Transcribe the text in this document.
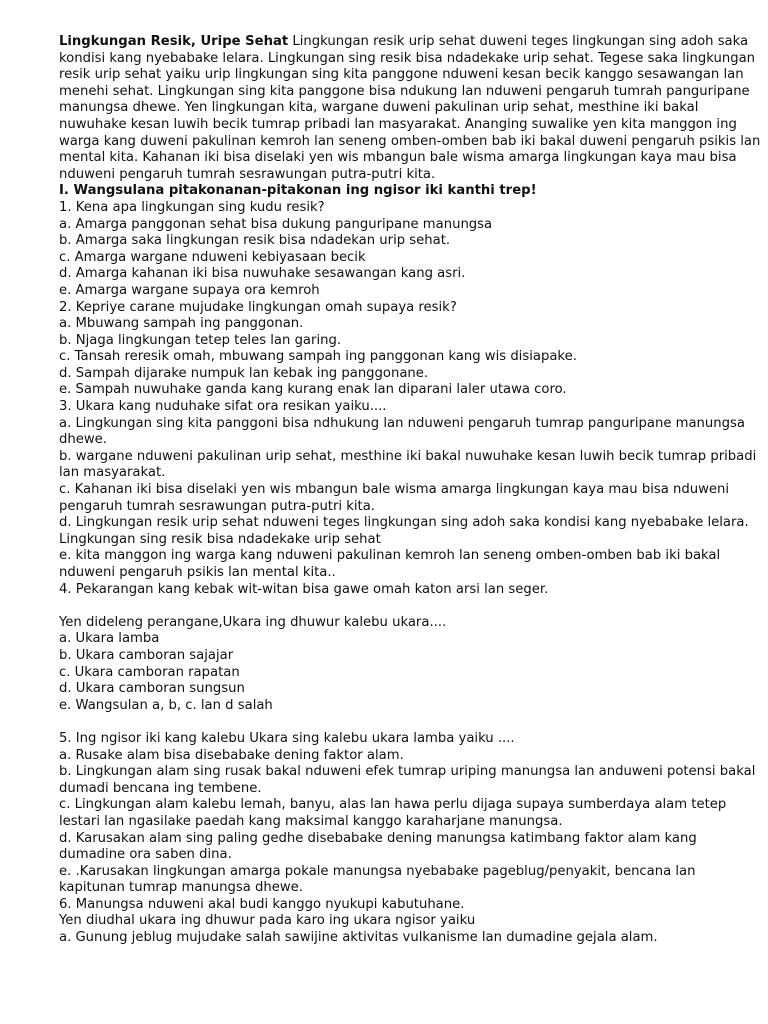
Lingkungan Resik, Uripe Sehat Lingkungan resik urip sehat duweni teges lingkungan sing adoh saka kondisi kang nyebabake lelara. Lingkungan sing resik bisa ndadekake urip sehat. Tegese saka lingkungan resik urip sehat yaiku urip lingkungan sing kita panggone nduweni kesan becik kanggo sesawangan lan menehi sehat. Lingkungan sing kita panggone bisa ndukung lan nduweni pengaruh tumrah panguripane manungsa dhewe. Yen lingkungan kita, wargane duweni pakulinan urip sehat, mesthine iki bakal nuwuhake kesan luwih becik tumrap pribadi lan masyarakat. Ananging suwalike yen kita manggon ing warga kang duweni pakulinan kemroh lan seneng omben-omben bab iki bakal duweni pengaruh psikis lan mental kita. Kahanan iki bisa diselaki yen wis mbangun bale wisma amarga lingkungan kaya mau bisa nduweni pengaruh tumrah sesrawungan putra-putri kita.

I. Wangsulana pitakonanan-pitakonan ing ngisor iki kanthi trep!

1. Kena apa lingkungan sing kudu resik?

a. Amarga panggonan sehat bisa dukung panguripane manungsa

b. Amarga saka lingkungan resik bisa ndadekan urip sehat.

c. Amarga wargane nduweni kebiyasaan becik

d. Amarga kahanan iki bisa nuwuhake sesawangan kang asri.

e. Amarga wargane supaya ora kemroh

2. Kepriye carane mujudake lingkungan omah supaya resik?

a. Mbuwang sampah ing panggonan.

b. Njaga lingkungan tetep teles lan garing.

c. Tansah reresik omah, mbuwang sampah ing panggonan kang wis disiapake.

d. Sampah dijarake numpuk lan kebak ing panggonane.

e. Sampah nuwuhake ganda kang kurang enak lan diparani laler utawa coro.

3. Ukara kang nuduhake sifat ora resikan yaiku....

a. Lingkungan sing kita panggoni bisa ndhukung lan nduweni pengaruh tumrap panguripane manungsa dhewe.

b. wargane nduweni pakulinan urip sehat, mesthine iki bakal nuwuhake kesan luwih becik tumrap pribadi lan masyarakat.

c. Kahanan iki bisa diselaki yen wis mbangun bale wisma amarga lingkungan kaya mau bisa nduweni pengaruh tumrah sesrawungan putra-putri kita.

d. Lingkungan resik urip sehat nduweni teges lingkungan sing adoh saka kondisi kang nyebabake lelara. Lingkungan sing resik bisa ndadekake urip sehat

e. kita manggon ing warga kang nduweni pakulinan kemroh lan seneng omben-omben bab iki bakal nduweni pengaruh psikis lan mental kita..

4. Pekarangan kang kebak wit-witan bisa gawe omah katon arsi lan seger.

Yen dideleng perangane,Ukara ing dhuwur kalebu ukara....

a. Ukara lamba

b. Ukara camboran sajajar

c. Ukara camboran rapatan

d. Ukara camboran sungsun

e. Wangsulan a, b, c. lan d salah

5. Ing ngisor iki kang kalebu Ukara sing kalebu ukara lamba yaiku ....

a. Rusake alam bisa disebabake dening faktor alam.

b. Lingkungan alam sing rusak bakal nduweni efek tumrap uriping manungsa lan anduweni potensi bakal dumadi bencana ing tembene.

c. Lingkungan alam kalebu lemah, banyu, alas lan hawa perlu dijaga supaya sumberdaya alam tetep lestari lan ngasilake paedah kang maksimal kanggo karaharjane manungsa.

d. Karusakan alam sing paling gedhe disebabake dening manungsa katimbang faktor alam kang dumadine ora saben dina.

e. .Karusakan lingkungan amarga pokale manungsa nyebabake pageblug/penyakit, bencana lan kapitunan tumrap manungsa dhewe.

6. Manungsa nduweni akal budi kanggo nyukupi kabutuhane.

Yen diudhal ukara ing dhuwur pada karo ing ukara ngisor yaiku

a. Gunung jeblug mujudake salah sawijine aktivitas vulkanisme lan dumadine gejala alam.
